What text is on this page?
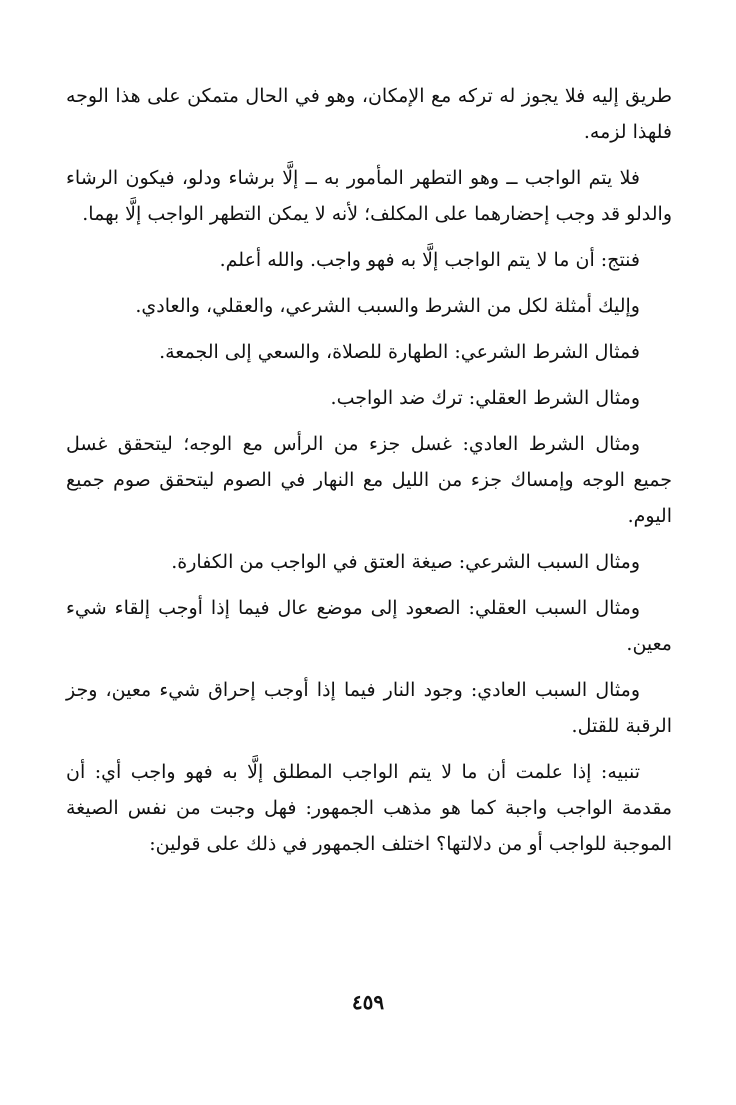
طريق إليه فلا يجوز له تركه مع الإمكان، وهو في الحال متمكن على هذا الوجه فلهذا لزمه.

فلا يتم الواجب ــ وهو التطهر المأمور به ــ إلَّا برشاء ودلو، فيكون الرشاء والدلو قد وجب إحضارهما على المكلف؛ لأنه لا يمكن التطهر الواجب إلَّا بهما.

فنتج: أن ما لا يتم الواجب إلَّا به فهو واجب. والله أعلم.

وإليك أمثلة لكل من الشرط والسبب الشرعي، والعقلي، والعادي.

فمثال الشرط الشرعي: الطهارة للصلاة، والسعي إلى الجمعة.

ومثال الشرط العقلي: ترك ضد الواجب.

ومثال الشرط العادي: غسل جزء من الرأس مع الوجه؛ ليتحقق غسل جميع الوجه وإمساك جزء من الليل مع النهار في الصوم ليتحقق صوم جميع اليوم.

ومثال السبب الشرعي: صيغة العتق في الواجب من الكفارة.

ومثال السبب العقلي: الصعود إلى موضع عال فيما إذا أوجب إلقاء شيء معين.

ومثال السبب العادي: وجود النار فيما إذا أوجب إحراق شيء معين، وجز الرقبة للقتل.

تنبيه: إذا علمت أن ما لا يتم الواجب المطلق إلَّا به فهو واجب أي: أن مقدمة الواجب واجبة كما هو مذهب الجمهور: فهل وجبت من نفس الصيغة الموجبة للواجب أو من دلالتها؟ اختلف الجمهور في ذلك على قولين:

٤٥٩
